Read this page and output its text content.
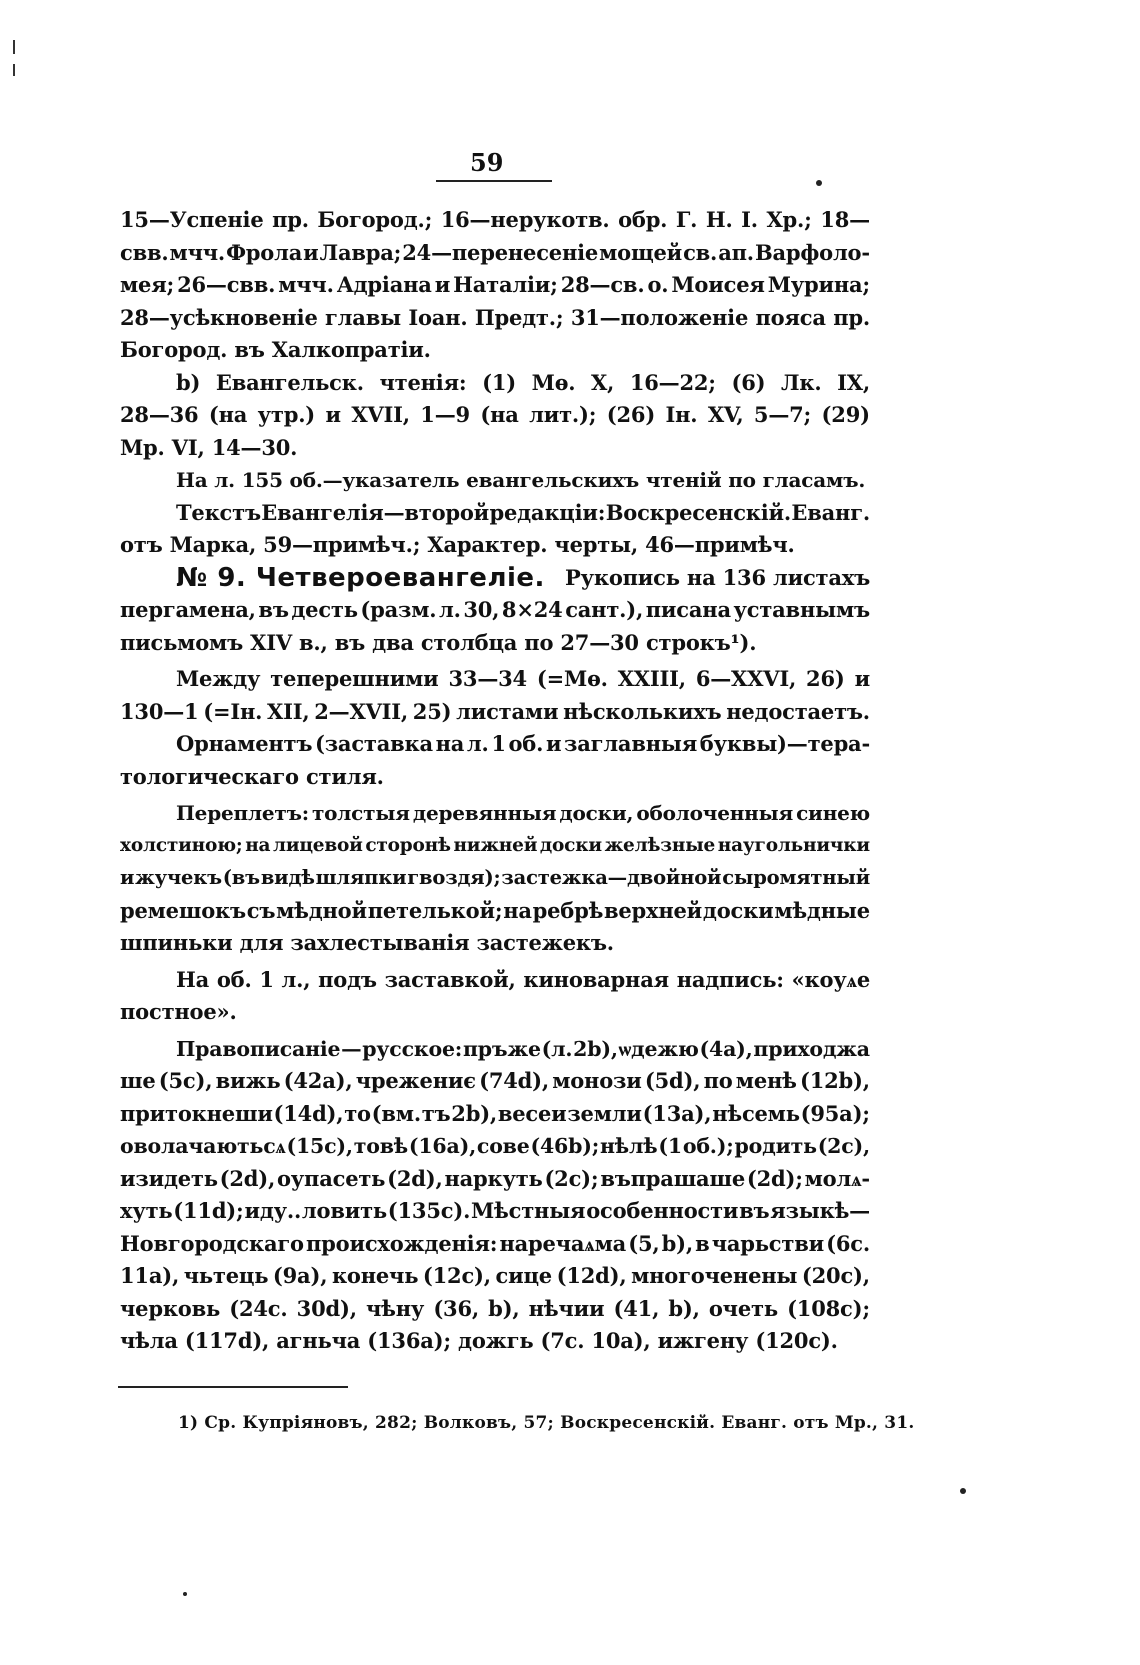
59
15—Успеніе пр. Богород.; 16—нерукотв. обр. Г. Н. І. Хр.; 18—
свв. мчч. Фрола и Лавра; 24—перенесеніе мощей св. ап. Варфоло-
мея; 26—свв. мчч. Адріана и Наталіи; 28—св. о. Моисея Мурина;
28—усѣкновеніе главы Іоан. Предт.; 31—положеніе пояса пр.
Богород. въ Халкопратіи.
b) Евангельск. чтенія: (1) Мѳ. X, 16—22; (6) Лк. IX,
28—36 (на утр.) и XVII, 1—9 (на лит.); (26) Ін. XV, 5—7; (29)
Мр. VI, 14—30.
На л. 155 об.—указатель евангельскихъ чтеній по гласамъ.
Текстъ Евангелія—второй редакціи: Воскресенскій. Еванг.
отъ Марка, 59—примѣч.; Характер. черты, 46—примѣч.
№ 9. Четвероевангеліе. Рукопись на 136 листахъ
пергамена, въ десть (разм. л. 30, 8×24 сант.), писана уставнымъ
письмомъ XIV в., въ два столбца по 27—30 строкъ¹).
Между теперешними 33—34 (=Мѳ. XXIII, 6—XXVI, 26) и
130—1 (=Ін. XII, 2—XVII, 25) листами нѣсколькихъ недостаетъ.
Орнаментъ (заставка на л. 1 об. и заглавныя буквы)—тера-
тологическаго стиля.
Переплетъ: толстыя деревянныя доски, оболоченныя синею
холстиною; на лицевой сторонѣ нижней доски желѣзные наугольнички
и жучекъ (въ видѣ шляпки гвоздя); застежка—двойной сыромятный
ремешокъ съ мѣдной петелькой; на ребрѣ верхней доски мѣдные
шпиньки для захлестыванія застежекъ.
На об. 1 л., подъ заставкой, киноварная надпись: «коуѧе
постное».
Правописаніе — русское: пръже (л. 2b), ѡдежю (4а), приходжа
ше (5с), вижь (42а), чрежениє (74d), монози (5d), по менѣ (12b),
притокнеши (14d), то (вм. тъ 2b), весеи земли (13а), нѣсемь (95а);
оволачаютьсѧ (15с), товѣ (16а), сове (46b); нѣлѣ (1 об.); родить (2с),
изидеть (2d), оупасеть (2d), наркуть (2с); въпрашаше (2d); молѧ-
хуть (11d); иду.. ловить (135с). Мѣстныя особенности въ языкѣ—
Новгородскаго происхожденія: наречаѧма (5, b), в чарьстви (6с.
11а), чьтець (9а), конечь (12с), сице (12d), многоченены (20с),
черковь (24с. 30d), чѣну (36, b), нѣчии (41, b), очеть (108с);
чѣла (117d), агньча (136а); дожгь (7с. 10а), ижгену (120с).
1) Ср. Купріяновъ, 282; Волковъ, 57; Воскресенскій. Еванг. отъ Мр., 31.
